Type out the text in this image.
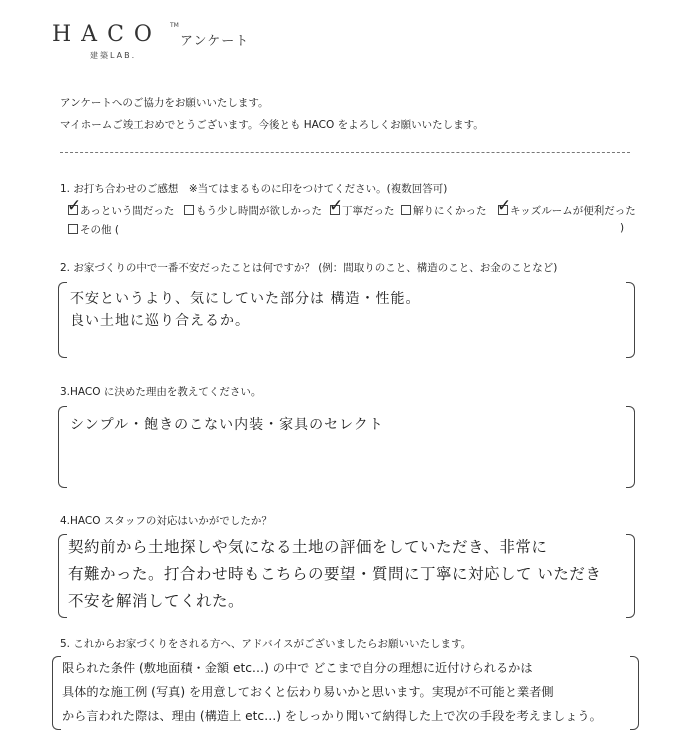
HACO TM
アンケート
建築LAB.
アンケートへのご協力をお願いいたします。
マイホームご竣工おめでとうございます。今後とも HACO をよろしくお願いいたします。
1. お打ち合わせのご感想　※当てはまるものに印をつけてください。(複数回答可)
✓
あっという間だった	もう少し時間が欲しかった ✓
丁寧だった	解りにくかった ✓
キッズルームが便利だった
その他 (	)
2. お家づくりの中で一番不安だったことは何ですか？ (例：間取りのこと、構造のこと、お金のことなど)
不安というより、気にしていた部分は 構造・性能。
良い土地に巡り合えるか。
3.HACO に決めた理由を教えてください。
シンプル・飽きのこない内装・家具のセレクト
4.HACO スタッフの対応はいかがでしたか？
契約前から土地探しや気になる土地の評価をしていただき、非常に
有難かった。打合わせ時もこちらの要望・質問に丁寧に対応して いただき
不安を解消してくれた。
5. これからお家づくりをされる方へ、アドバイスがございましたらお願いいたします。
限られた条件 (敷地面積・金額 etc…) の中で どこまで自分の理想に近付けられるかは
具体的な施工例 (写真) を用意しておくと伝わり易いかと思います。実現が不可能と業者側
から言われた際は、理由 (構造上 etc…) をしっかり聞いて納得した上で次の手段を考えましょう。
